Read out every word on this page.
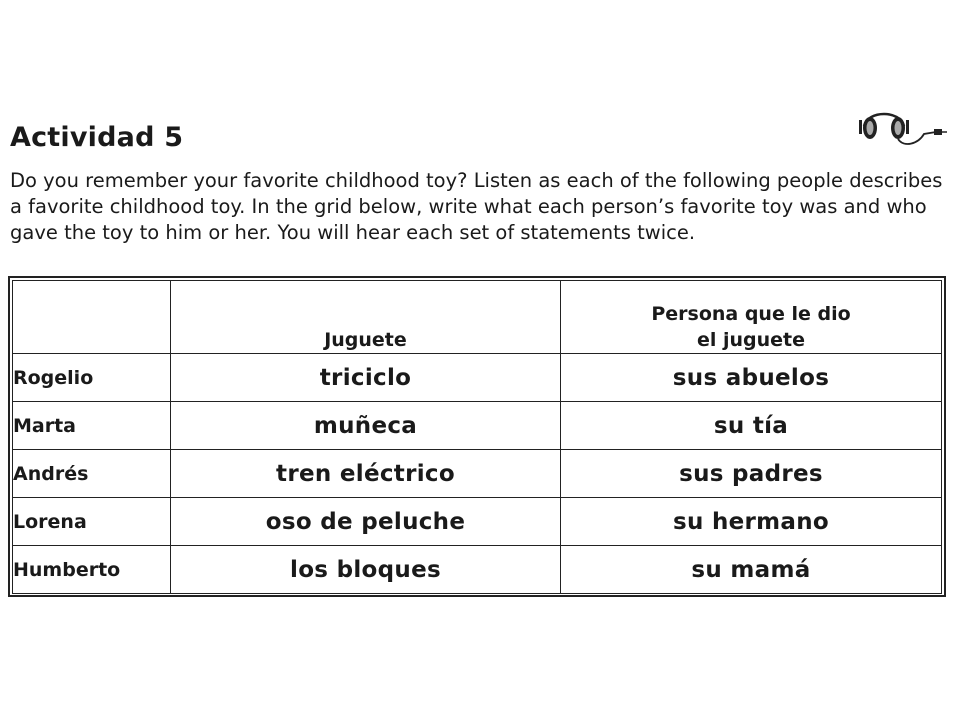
Actividad 5
Do you remember your favorite childhood toy? Listen as each of the following people describes a favorite childhood toy. In the grid below, write what each person’s favorite toy was and who gave the toy to him or her. You will hear each set of statements twice.
	Juguete	Persona que le dio
el juguete

Rogelio	triciclo	sus abuelos
Marta	muñeca	su tía
Andrés	tren eléctrico	sus padres
Lorena	oso de peluche	su hermano
Humberto	los bloques	su mamá
